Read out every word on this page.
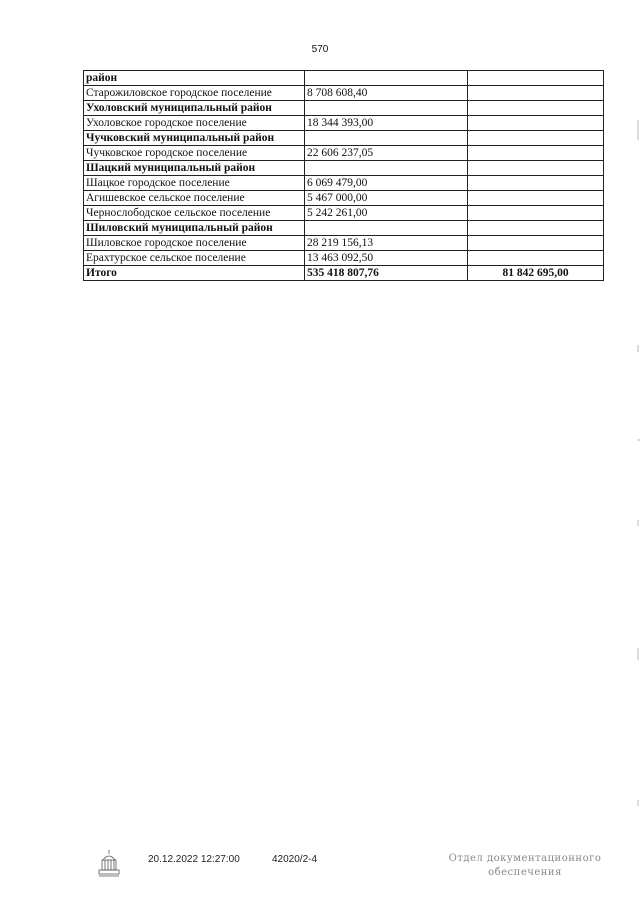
570
район		
Старожиловское городское поселение	8 708 608,40	
Ухоловский муниципальный район		
Ухоловское городское поселение	18 344 393,00	
Чучковский муниципальный район		
Чучковское городское поселение	22 606 237,05	
Шацкий муниципальный район		
Шацкое городское поселение	6 069 479,00	
Агишевское сельское поселение	5 467 000,00	
Чернослободское сельское поселение	5 242 261,00	
Шиловский муниципальный район		
Шиловское городское поселение	28 219 156,13	
Ерахтурское сельское поселение	13 463 092,50	
Итого	535 418 807,76	81 842 695,00
20.12.2022 12:27:00	42020/2-4	Отдел документационного
обеспечения
